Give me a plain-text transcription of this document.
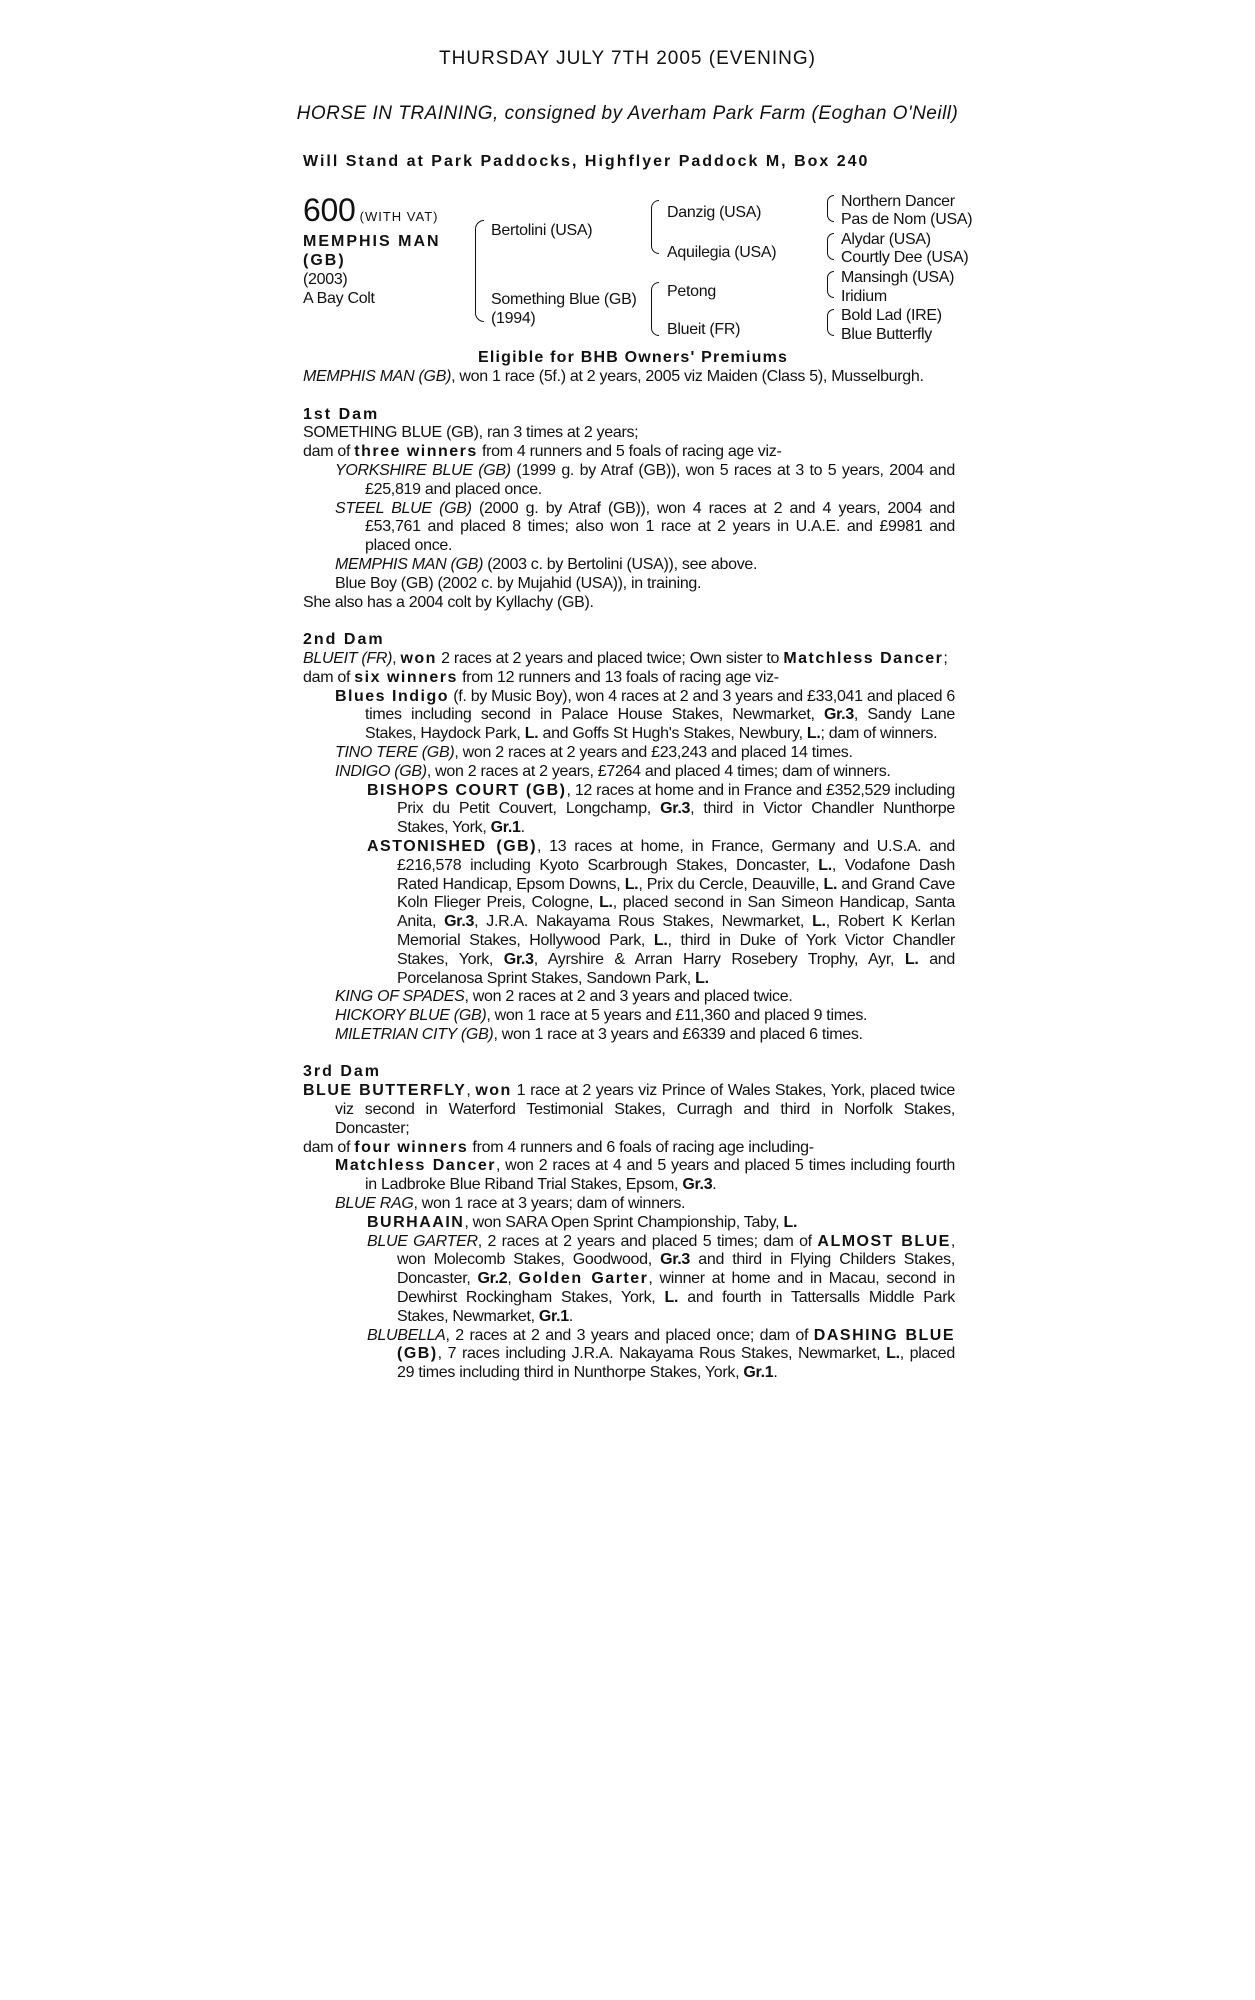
THURSDAY JULY 7TH 2005 (EVENING)
HORSE IN TRAINING, consigned by Averham Park Farm (Eoghan O'Neill)
Will Stand at Park Paddocks, Highflyer Paddock M, Box 240
600 (WITH VAT)
MEMPHIS MAN
(GB)
(2003)
A Bay Colt
Bertolini (USA)
Something Blue (GB)
(1994)
Danzig (USA)
Aquilegia (USA)
Petong
Blueit (FR)
Northern Dancer
Pas de Nom (USA)
Alydar (USA)
Courtly Dee (USA)
Mansingh (USA)
Iridium
Bold Lad (IRE)
Blue Butterfly
Eligible for BHB Owners' Premiums

MEMPHIS MAN (GB), won 1 race (5f.) at 2 years, 2005 viz Maiden (Class 5), Musselburgh.

1st Dam

SOMETHING BLUE (GB), ran 3 times at 2 years;

dam of three winners from 4 runners and 5 foals of racing age viz-

YORKSHIRE BLUE (GB) (1999 g. by Atraf (GB)), won 5 races at 3 to 5 years, 2004 and £25,819 and placed once.

STEEL BLUE (GB) (2000 g. by Atraf (GB)), won 4 races at 2 and 4 years, 2004 and £53,761 and placed 8 times; also won 1 race at 2 years in U.A.E. and £9981 and placed once.

MEMPHIS MAN (GB) (2003 c. by Bertolini (USA)), see above.

Blue Boy (GB) (2002 c. by Mujahid (USA)), in training.

She also has a 2004 colt by Kyllachy (GB).

2nd Dam

BLUEIT (FR), won 2 races at 2 years and placed twice; Own sister to Matchless Dancer;

dam of six winners from 12 runners and 13 foals of racing age viz-

Blues Indigo (f. by Music Boy), won 4 races at 2 and 3 years and £33,041 and placed 6 times including second in Palace House Stakes, Newmarket, Gr.3, Sandy Lane Stakes, Haydock Park, L. and Goffs St Hugh's Stakes, Newbury, L.; dam of winners.

TINO TERE (GB), won 2 races at 2 years and £23,243 and placed 14 times.

INDIGO (GB), won 2 races at 2 years, £7264 and placed 4 times; dam of winners.

BISHOPS COURT (GB), 12 races at home and in France and £352,529 including Prix du Petit Couvert, Longchamp, Gr.3, third in Victor Chandler Nunthorpe Stakes, York, Gr.1.

ASTONISHED (GB), 13 races at home, in France, Germany and U.S.A. and £216,578 including Kyoto Scarbrough Stakes, Doncaster, L., Vodafone Dash Rated Handicap, Epsom Downs, L., Prix du Cercle, Deauville, L. and Grand Cave Koln Flieger Preis, Cologne, L., placed second in San Simeon Handicap, Santa Anita, Gr.3, J.R.A. Nakayama Rous Stakes, Newmarket, L., Robert K Kerlan Memorial Stakes, Hollywood Park, L., third in Duke of York Victor Chandler Stakes, York, Gr.3, Ayrshire & Arran Harry Rosebery Trophy, Ayr, L. and Porcelanosa Sprint Stakes, Sandown Park, L.

KING OF SPADES, won 2 races at 2 and 3 years and placed twice.

HICKORY BLUE (GB), won 1 race at 5 years and £11,360 and placed 9 times.

MILETRIAN CITY (GB), won 1 race at 3 years and £6339 and placed 6 times.

3rd Dam

BLUE BUTTERFLY, won 1 race at 2 years viz Prince of Wales Stakes, York, placed twice viz second in Waterford Testimonial Stakes, Curragh and third in Norfolk Stakes, Doncaster;

dam of four winners from 4 runners and 6 foals of racing age including-

Matchless Dancer, won 2 races at 4 and 5 years and placed 5 times including fourth in Ladbroke Blue Riband Trial Stakes, Epsom, Gr.3.

BLUE RAG, won 1 race at 3 years; dam of winners.

BURHAAIN, won SARA Open Sprint Championship, Taby, L.

BLUE GARTER, 2 races at 2 years and placed 5 times; dam of ALMOST BLUE, won Molecomb Stakes, Goodwood, Gr.3 and third in Flying Childers Stakes, Doncaster, Gr.2, Golden Garter, winner at home and in Macau, second in Dewhirst Rockingham Stakes, York, L. and fourth in Tattersalls Middle Park Stakes, Newmarket, Gr.1.

BLUBELLA, 2 races at 2 and 3 years and placed once; dam of DASHING BLUE (GB), 7 races including J.R.A. Nakayama Rous Stakes, Newmarket, L., placed 29 times including third in Nunthorpe Stakes, York, Gr.1.
